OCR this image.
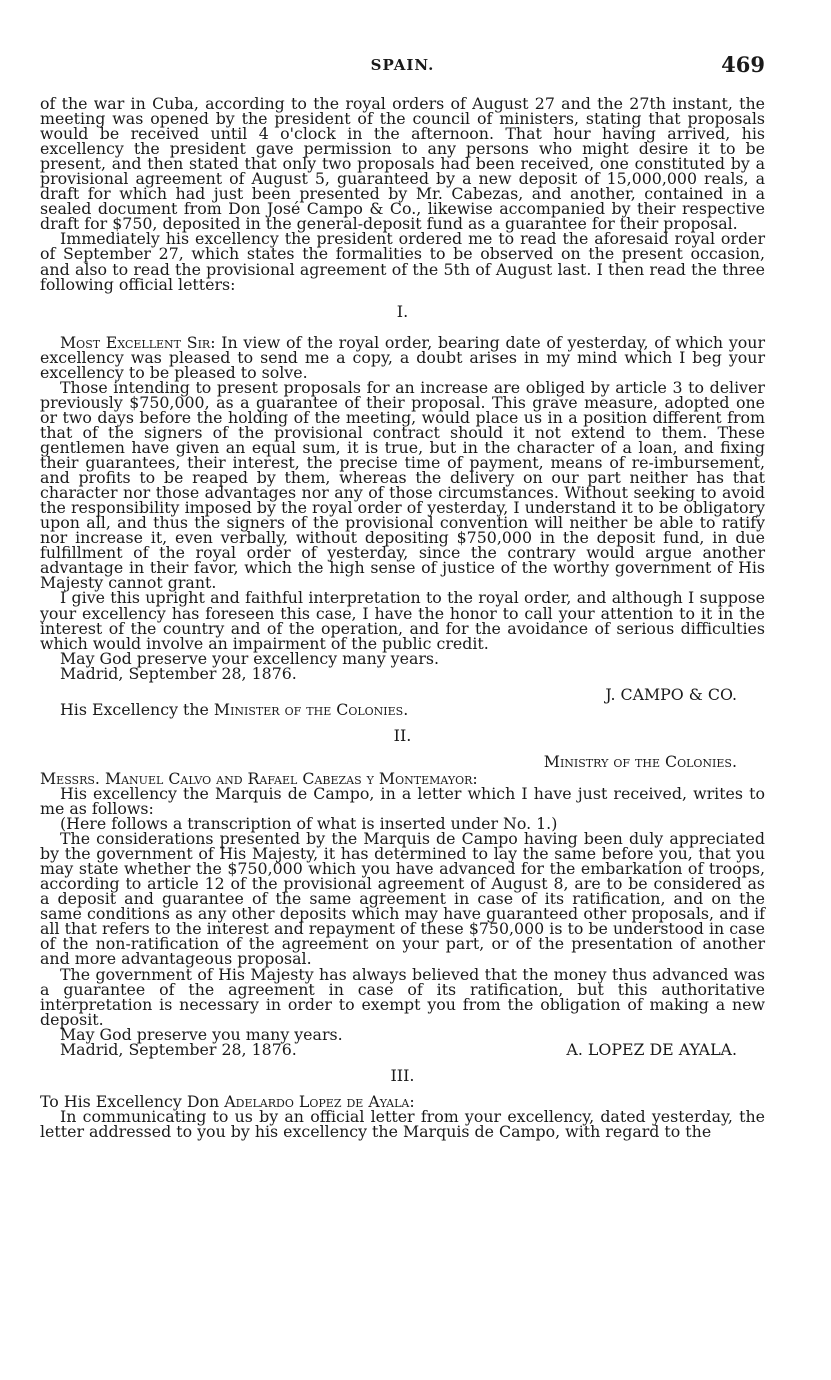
SPAIN.	469

of the war in Cuba, according to the royal orders of August 27 and the 27th instant, the meeting was opened by the president of the council of ministers, stating that proposals would be received until 4 o'clock in the afternoon. That hour having arrived, his excellency the president gave permission to any persons who might desire it to be present, and then stated that only two proposals had been received, one constituted by a provisional agreement of August 5, guaranteed by a new deposit of 15,000,000 reals, a draft for which had just been presented by Mr. Cabezas, and another, contained in a sealed document from Don José Campo & Co., likewise accompanied by their respective draft for $750, deposited in the general-deposit fund as a guarantee for their proposal.

Immediately his excellency the president ordered me to read the aforesaid royal order of September 27, which states the formalities to be observed on the present occasion, and also to read the provisional agreement of the 5th of August last. I then read the three following official letters:

I.

Most Excellent Sir: In view of the royal order, bearing date of yesterday, of which your excellency was pleased to send me a copy, a doubt arises in my mind which I beg your excellency to be pleased to solve.

Those intending to present proposals for an increase are obliged by article 3 to deliver previously $750,000, as a guarantee of their proposal. This grave measure, adopted one or two days before the holding of the meeting, would place us in a position different from that of the signers of the provisional contract should it not extend to them. These gentlemen have given an equal sum, it is true, but in the character of a loan, and fixing their guarantees, their interest, the precise time of payment, means of re-imbursement, and profits to be reaped by them, whereas the delivery on our part neither has that character nor those advantages nor any of those circumstances. Without seeking to avoid the responsibility imposed by the royal order of yesterday, I understand it to be obligatory upon all, and thus the signers of the provisional convention will neither be able to ratify nor increase it, even verbally, without depositing $750,000 in the deposit fund, in due fulfillment of the royal order of yesterday, since the contrary would argue another advantage in their favor, which the high sense of justice of the worthy government of His Majesty cannot grant.

I give this upright and faithful interpretation to the royal order, and although I suppose your excellency has foreseen this case, I have the honor to call your attention to it in the interest of the country and of the operation, and for the avoidance of serious difficulties which would involve an impairment of the public credit.

May God preserve your excellency many years.

Madrid, September 28, 1876.

J. CAMPO & CO.

His Excellency the Minister of the Colonies.

II.

Ministry of the Colonies.

Messrs. Manuel Calvo and Rafael Cabezas y Montemayor:

His excellency the Marquis de Campo, in a letter which I have just received, writes to me as follows:

(Here follows a transcription of what is inserted under No. 1.)

The considerations presented by the Marquis de Campo having been duly appreciated by the government of His Majesty, it has determined to lay the same before you, that you may state whether the $750,000 which you have advanced for the embarkation of troops, according to article 12 of the provisional agreement of August 8, are to be considered as a deposit and guarantee of the same agreement in case of its ratification, and on the same conditions as any other deposits which may have guaranteed other proposals, and if all that refers to the interest and repayment of these $750,000 is to be understood in case of the non-ratification of the agreement on your part, or of the presentation of another and more advantageous proposal.

The government of His Majesty has always believed that the money thus advanced was a guarantee of the agreement in case of its ratification, but this authoritative interpretation is necessary in order to exempt you from the obligation of making a new deposit.

May God preserve you many years.

Madrid, September 28, 1876.	A. LOPEZ DE AYALA.

III.

To His Excellency Don Adelardo Lopez de Ayala:

In communicating to us by an official letter from your excellency, dated yesterday, the letter addressed to you by his excellency the Marquis de Campo, with regard to the
